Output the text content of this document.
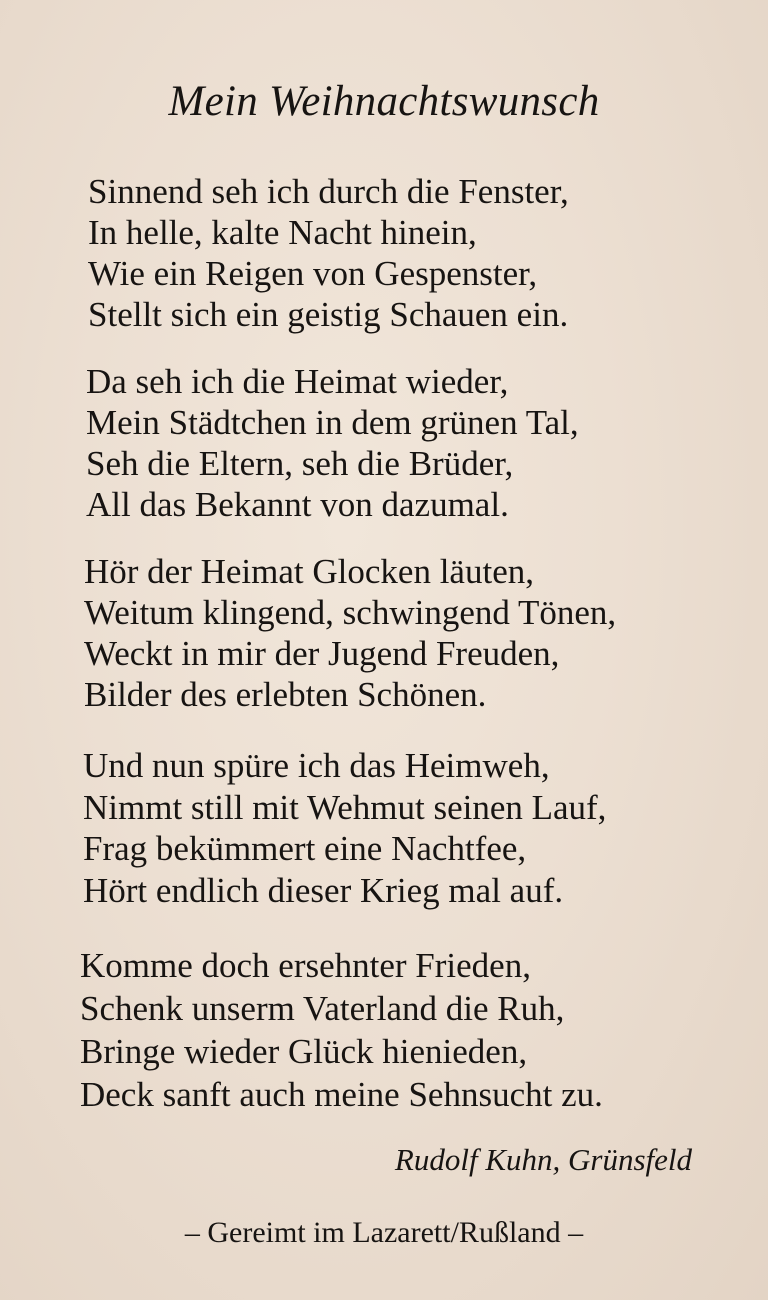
Mein Weihnachtswunsch
Sinnend seh ich durch die Fenster,
In helle, kalte Nacht hinein,
Wie ein Reigen von Gespenster,
Stellt sich ein geistig Schauen ein.
Da seh ich die Heimat wieder,
Mein Städtchen in dem grünen Tal,
Seh die Eltern, seh die Brüder,
All das Bekannt von dazumal.
Hör der Heimat Glocken läuten,
Weitum klingend, schwingend Tönen,
Weckt in mir der Jugend Freuden,
Bilder des erlebten Schönen.
Und nun spüre ich das Heimweh,
Nimmt still mit Wehmut seinen Lauf,
Frag bekümmert eine Nachtfee,
Hört endlich dieser Krieg mal auf.
Komme doch ersehnter Frieden,
Schenk unserm Vaterland die Ruh,
Bringe wieder Glück hienieden,
Deck sanft auch meine Sehnsucht zu.
Rudolf Kuhn, Grünsfeld
– Gereimt im Lazarett/Rußland –
